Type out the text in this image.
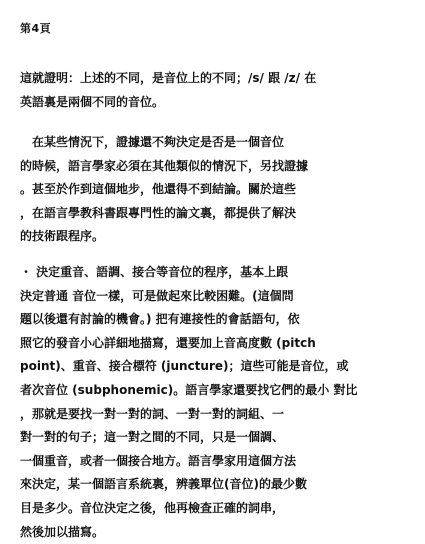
第4頁
這就證明：上述的不同，是音位上的不同；/s/ 跟 /z/ 在
英語裏是兩個不同的音位。
　在某些情況下，證據還不夠決定是否是一個音位
的時候，語言學家必須在其他類似的情況下，另找證據
。甚至於作到這個地步，他還得不到結論。關於這些
，在語言學教科書跟專門性的論文裏，都提供了解決
的技術跟程序。
・ 決定重音、語調、接合等音位的程序，基本上跟
決定普通 音位一樣，可是做起來比較困難。(這個問
題以後還有討論的機會。) 把有連接性的會話語句，依
照它的發音小心詳細地描寫，還要加上音高度數 (pitch
point)、重音、接合標符 (juncture)；這些可能是音位，或
者次音位 (subphonemic)。語言學家還要找它們的最小 對比
，那就是要找一對一對的詞、一對一對的詞組、一
對一對的句子；這一對之間的不同，只是一個調、
一個重音，或者一個接合地方。語言學家用這個方法
來決定，某一個語言系統裏，辨義單位(音位)的最少數
目是多少。音位決定之後，他再檢查正確的詞串，
然後加以描寫。
